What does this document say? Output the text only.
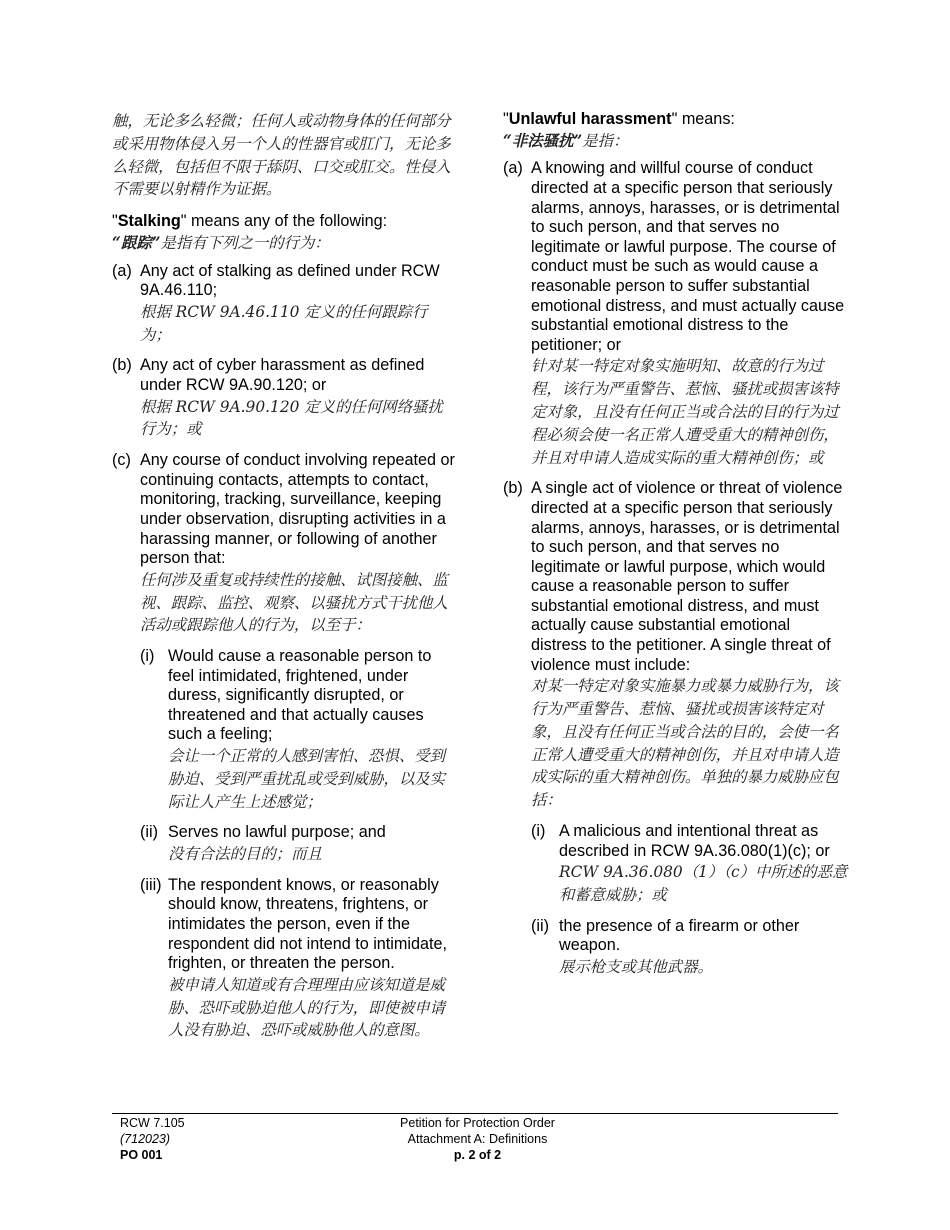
触，无论多么轻微；任何人或动物身体的任何部分或采用物体侵入另一个人的性器官或肛门，无论多么轻微，包括但不限于舔阴、口交或肛交。性侵入不需要以射精作为证据。
"Stalking" means any of the following:
“跟踪”是指有下列之一的行为：
(a) Any act of stalking as defined under RCW 9A.46.110;
根据 RCW 9A.46.110 定义的任何跟踪行为；
(b) Any act of cyber harassment as defined under RCW 9A.90.120; or
根据 RCW 9A.90.120 定义的任何网络骚扰行为；或
(c) Any course of conduct involving repeated or continuing contacts, attempts to contact, monitoring, tracking, surveillance, keeping under observation, disrupting activities in a harassing manner, or following of another person that:
任何涉及重复或持续性的接触、试图接触、监视、跟踪、监控、观察、以骚扰方式干扰他人活动或跟踪他人的行为，以至于：
(i) Would cause a reasonable person to feel intimidated, frightened, under duress, significantly disrupted, or threatened and that actually causes such a feeling;
会让一个正常的人感到害怕、恐惧、受到胁迫、受到严重扰乱或受到威胁，以及实际让人产生上述感觉；
(ii) Serves no lawful purpose; and
没有合法的目的；而且
(iii) The respondent knows, or reasonably should know, threatens, frightens, or intimidates the person, even if the respondent did not intend to intimidate, frighten, or threaten the person.
被申请人知道或有合理理由应该知道是威胁、恐吓或胁迫他人的行为，即使被申请人没有胁迫、恐吓或威胁他人的意图。
"Unlawful harassment" means:
“非法骚扰”是指：
(a) A knowing and willful course of conduct directed at a specific person that seriously alarms, annoys, harasses, or is detrimental to such person, and that serves no legitimate or lawful purpose. The course of conduct must be such as would cause a reasonable person to suffer substantial emotional distress, and must actually cause substantial emotional distress to the petitioner; or
针对某一特定对象实施明知、故意的行为过程，该行为严重警告、惹恼、骚扰或损害该特定对象，且没有任何正当或合法的目的行为过程必须会使一名正常人遭受重大的精神创伤，并且对申请人造成实际的重大精神创伤；或
(b) A single act of violence or threat of violence directed at a specific person that seriously alarms, annoys, harasses, or is detrimental to such person, and that serves no legitimate or lawful purpose, which would cause a reasonable person to suffer substantial emotional distress, and must actually cause substantial emotional distress to the petitioner. A single threat of violence must include:
对某一特定对象实施暴力或暴力威胁行为，该行为严重警告、惹恼、骚扰或损害该特定对象，且没有任何正当或合法的目的，会使一名正常人遭受重大的精神创伤，并且对申请人造成实际的重大精神创伤。单独的暴力威胁应包括：
(i) A malicious and intentional threat as described in RCW 9A.36.080(1)(c); or
RCW 9A.36.080（1）（c）中所述的恶意和蓄意威胁；或
(ii) the presence of a firearm or other weapon.
展示枪支或其他武器。
RCW 7.105
(712023)
PO 001
Petition for Protection Order
Attachment A: Definitions
p. 2 of 2
